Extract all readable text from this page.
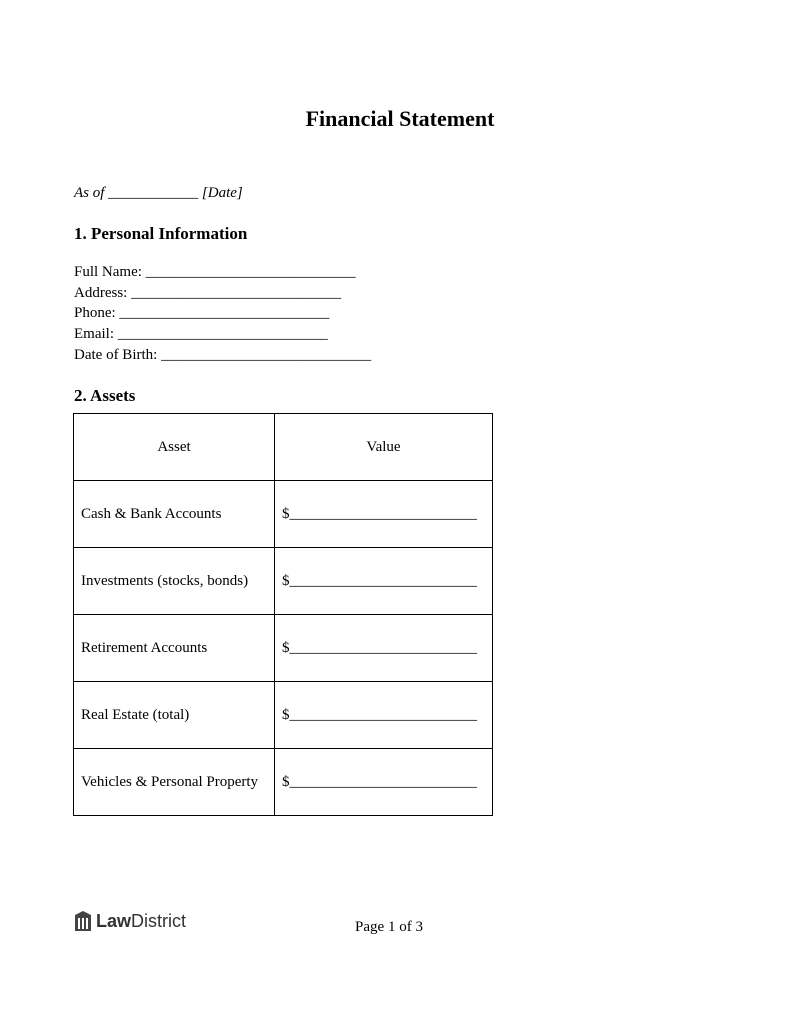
Financial Statement
As of ____________ [Date]
1. Personal Information
Full Name: ____________________________
Address: ____________________________
Phone: ____________________________
Email: ____________________________
Date of Birth: ____________________________
2. Assets
Asset	Value
Cash & Bank Accounts	$_________________________
Investments (stocks, bonds)	$_________________________
Retirement Accounts	$_________________________
Real Estate (total)	$_________________________
Vehicles & Personal Property	$_________________________
Law District	Page 1 of 3
